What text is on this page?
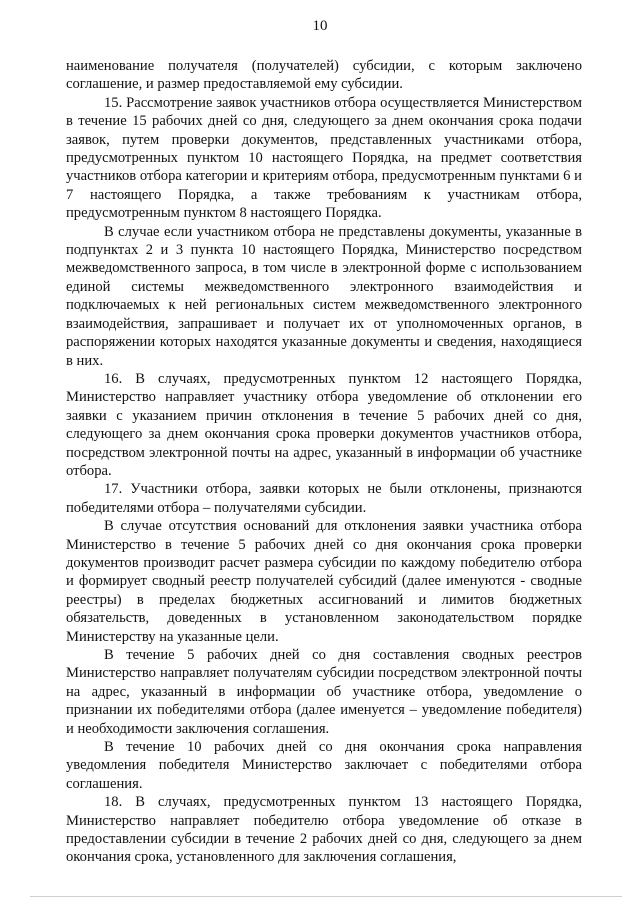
10

наименование получателя (получателей) субсидии, с которым заключено соглашение, и размер предоставляемой ему субсидии.

15. Рассмотрение заявок участников отбора осуществляется Министерством в течение 15 рабочих дней со дня, следующего за днем окончания срока подачи заявок, путем проверки документов, представленных участниками отбора, предусмотренных пунктом 10 настоящего Порядка, на предмет соответствия участников отбора категории и критериям отбора, предусмотренным пунктами 6 и 7 настоящего Порядка, а также требованиям к участникам отбора, предусмотренным пунктом 8 настоящего Порядка.

В случае если участником отбора не представлены документы, указанные в подпунктах 2 и 3 пункта 10 настоящего Порядка, Министерство посредством межведомственного запроса, в том числе в электронной форме с использованием единой системы межведомственного электронного взаимодействия и подключаемых к ней региональных систем межведомственного электронного взаимодействия, запрашивает и получает их от уполномоченных органов, в распоряжении которых находятся указанные документы и сведения, находящиеся в них.

16. В случаях, предусмотренных пунктом 12 настоящего Порядка, Министерство направляет участнику отбора уведомление об отклонении его заявки с указанием причин отклонения в течение 5 рабочих дней со дня, следующего за днем окончания срока проверки документов участников отбора, посредством электронной почты на адрес, указанный в информации об участнике отбора.

17. Участники отбора, заявки которых не были отклонены, признаются победителями отбора – получателями субсидии.

В случае отсутствия оснований для отклонения заявки участника отбора Министерство в течение 5 рабочих дней со дня окончания срока проверки документов производит расчет размера субсидии по каждому победителю отбора и формирует сводный реестр получателей субсидий (далее именуются - сводные реестры) в пределах бюджетных ассигнований и лимитов бюджетных обязательств, доведенных в установленном законодательством порядке Министерству на указанные цели.

В течение 5 рабочих дней со дня составления сводных реестров Министерство направляет получателям субсидии посредством электронной почты на адрес, указанный в информации об участнике отбора, уведомление о признании их победителями отбора (далее именуется – уведомление победителя) и необходимости заключения соглашения.

В течение 10 рабочих дней со дня окончания срока направления уведомления победителя Министерство заключает с победителями отбора соглашения.

18. В случаях, предусмотренных пунктом 13 настоящего Порядка, Министерство направляет победителю отбора уведомление об отказе в предоставлении субсидии в течение 2 рабочих дней со дня, следующего за днем окончания срока, установленного для заключения соглашения,
